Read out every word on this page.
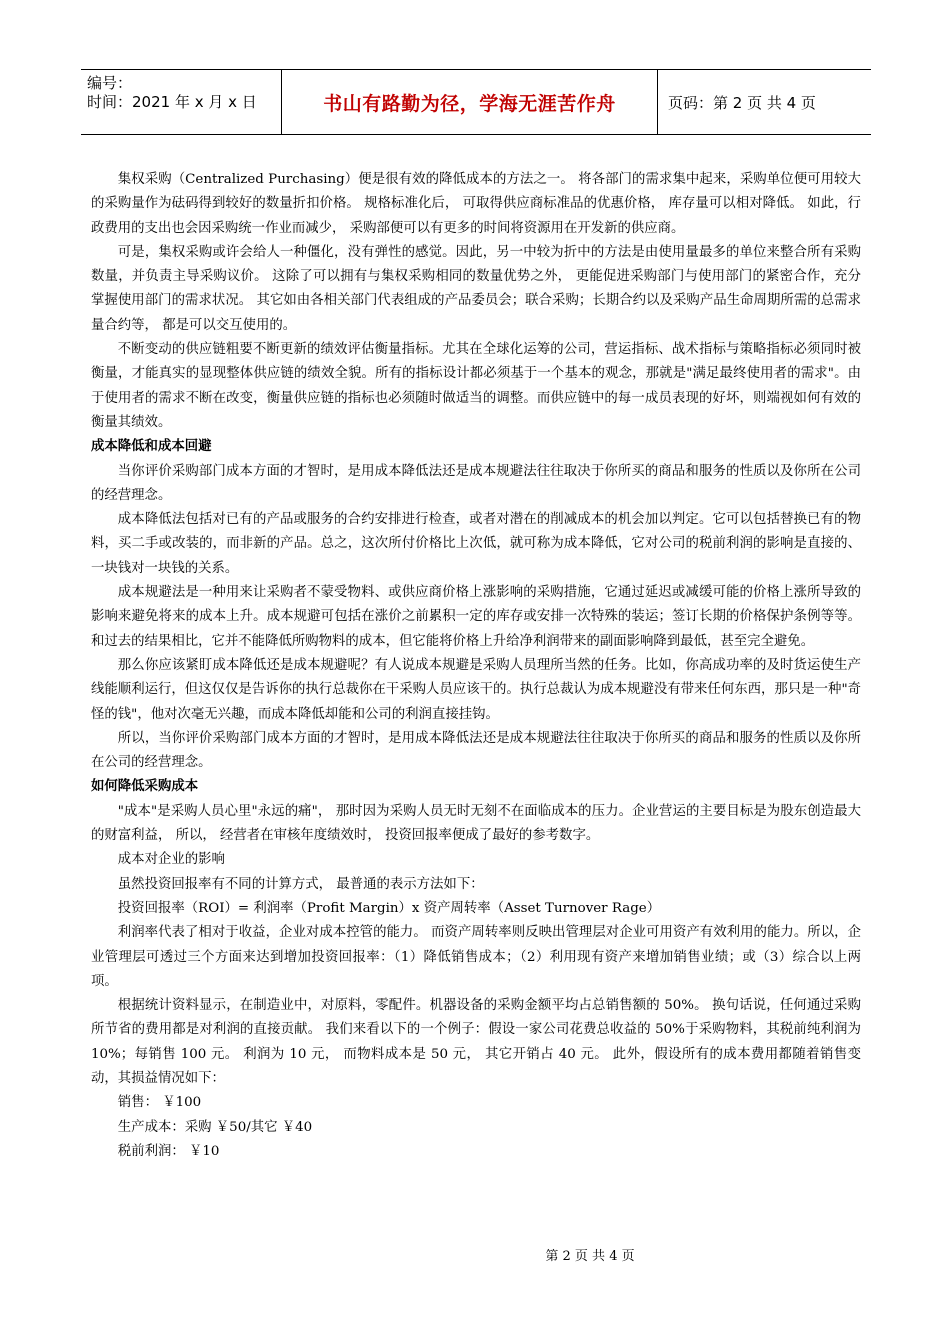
编号：
时间：2021 年 x 月 x 日	书山有路勤为径，学海无涯苦作舟	页码：第 2 页 共 4 页

集权采购（Centralized Purchasing）便是很有效的降低成本的方法之一。 将各部门的需求集中起来，采购单位便可用较大的采购量作为砝码得到较好的数量折扣价格。 规格标准化后， 可取得供应商标准品的优惠价格， 库存量可以相对降低。 如此，行政费用的支出也会因采购统一作业而减少， 采购部便可以有更多的时间将资源用在开发新的供应商。

可是，集权采购或许会给人一种僵化，没有弹性的感觉。因此，另一中较为折中的方法是由使用量最多的单位来整合所有采购数量，并负责主导采购议价。 这除了可以拥有与集权采购相同的数量优势之外， 更能促进采购部门与使用部门的紧密合作，充分掌握使用部门的需求状况。 其它如由各相关部门代表组成的产品委员会；联合采购；长期合约以及采购产品生命周期所需的总需求量合约等， 都是可以交互使用的。

不断变动的供应链粗要不断更新的绩效评估衡量指标。尤其在全球化运筹的公司，营运指标、战术指标与策略指标必须同时被衡量，才能真实的显现整体供应链的绩效全貌。所有的指标设计都必须基于一个基本的观念，那就是"满足最终使用者的需求"。由于使用者的需求不断在改变，衡量供应链的指标也必须随时做适当的调整。而供应链中的每一成员表现的好坏，则端视如何有效的衡量其绩效。

成本降低和成本回避

当你评价采购部门成本方面的才智时，是用成本降低法还是成本规避法往往取决于你所买的商品和服务的性质以及你所在公司的经营理念。

成本降低法包括对已有的产品或服务的合约安排进行检查，或者对潜在的削减成本的机会加以判定。它可以包括替换已有的物料，买二手或改装的，而非新的产品。总之，这次所付价格比上次低，就可称为成本降低，它对公司的税前利润的影响是直接的、一块钱对一块钱的关系。

成本规避法是一种用来让采购者不蒙受物料、或供应商价格上涨影响的采购措施，它通过延迟或减缓可能的价格上涨所导致的影响来避免将来的成本上升。成本规避可包括在涨价之前累积一定的库存或安排一次特殊的装运；签订长期的价格保护条例等等。和过去的结果相比，它并不能降低所购物料的成本，但它能将价格上升给净利润带来的副面影响降到最低，甚至完全避免。

那么你应该紧盯成本降低还是成本规避呢？有人说成本规避是采购人员理所当然的任务。比如，你高成功率的及时货运使生产线能顺利运行，但这仅仅是告诉你的执行总裁你在干采购人员应该干的。执行总裁认为成本规避没有带来任何东西，那只是一种"奇怪的钱"，他对次毫无兴趣，而成本降低却能和公司的利润直接挂钩。

所以，当你评价采购部门成本方面的才智时，是用成本降低法还是成本规避法往往取决于你所买的商品和服务的性质以及你所在公司的经营理念。

如何降低采购成本

"成本"是采购人员心里"永远的痛"， 那时因为采购人员无时无刻不在面临成本的压力。企业营运的主要目标是为股东创造最大的财富利益， 所以， 经营者在审核年度绩效时， 投资回报率便成了最好的参考数字。

成本对企业的影响

虽然投资回报率有不同的计算方式， 最普通的表示方法如下：

投资回报率（ROI）= 利润率（Profit Margin）x 资产周转率（Asset Turnover Rage）

利润率代表了相对于收益，企业对成本控管的能力。 而资产周转率则反映出管理层对企业可用资产有效利用的能力。所以，企业管理层可透过三个方面来达到增加投资回报率：（1）降低销售成本；（2）利用现有资产来增加销售业绩；或（3）综合以上两项。

根据统计资料显示，在制造业中，对原料，零配件。机器设备的采购金额平均占总销售额的 50%。 换句话说，任何通过采购所节省的费用都是对利润的直接贡献。 我们来看以下的一个例子：假设一家公司花费总收益的 50%于采购物料，其税前纯利润为 10%；每销售 100 元。 利润为 10 元， 而物料成本是 50 元， 其它开销占 40 元。 此外，假设所有的成本费用都随着销售变动，其损益情况如下：

销售： ￥100

生产成本：采购 ￥50/其它 ￥40

税前利润： ￥10

第 2 页 共 4 页
